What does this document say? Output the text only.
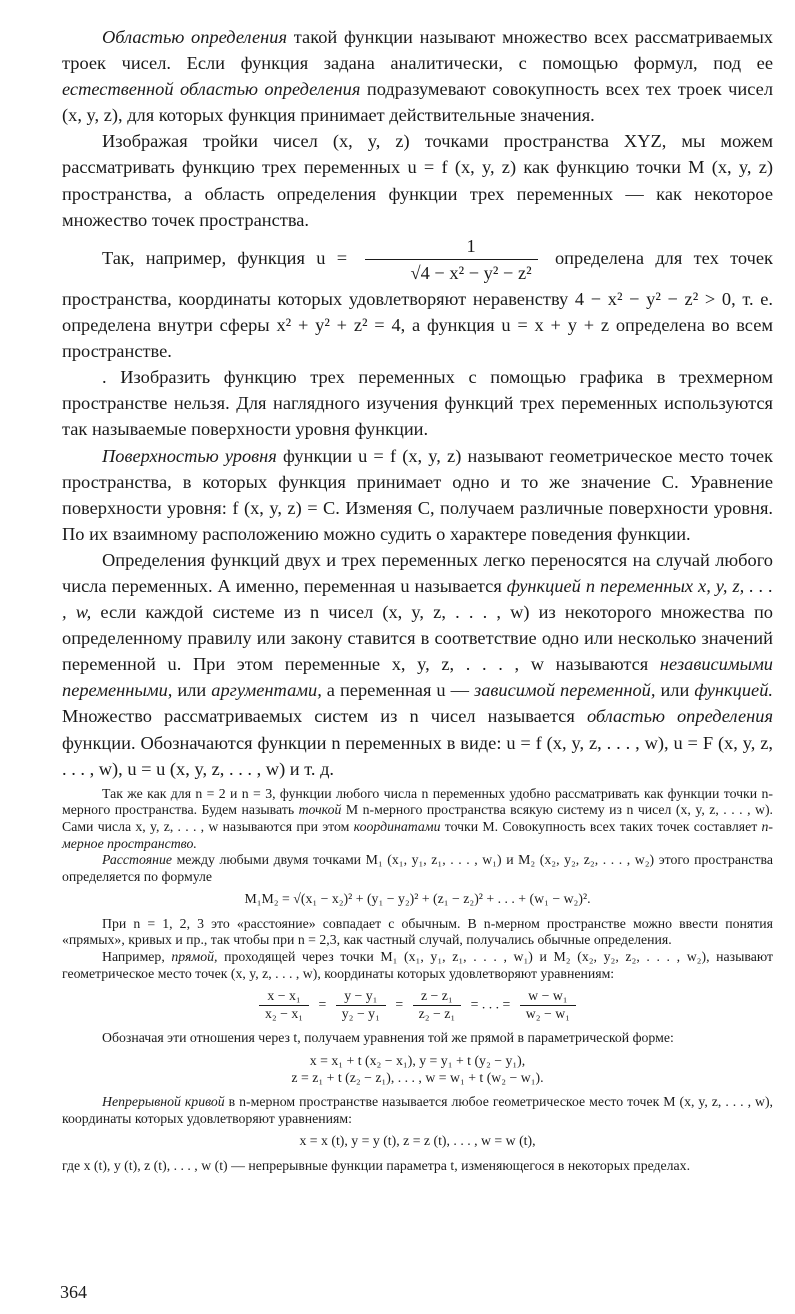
Областью определения такой функции называют множество всех рассматриваемых троек чисел. Если функция задана аналитически, с помощью формул, под ее естественной областью определения подразумевают совокупность всех тех троек чисел (x, y, z), для которых функция принимает действительные значения.

Изображая тройки чисел (x, y, z) точками пространства XYZ, мы можем рассматривать функцию трех переменных u = f (x, y, z) как функцию точки M (x, y, z) пространства, а область определения функции трех переменных — как некоторое множество точек пространства.

Так, например, функция $u = \frac{1}{\text{√4 − x² − y² − z²}}$ определена для тех точек пространства, координаты которых удовлетворяют неравенству 4 − x² − y² − z² > 0, т. е. определена внутри сферы x² + y² + z² = 4, а функция u = x + y + z определена во всем пространстве.

. Изобразить функцию трех переменных с помощью графика в трехмерном пространстве нельзя. Для наглядного изучения функций трех переменных используются так называемые поверхности уровня функции.

Поверхностью уровня функции u = f (x, y, z) называют геометрическое место точек пространства, в которых функция принимает одно и то же значение C. Уравнение поверхности уровня: f (x, y, z) = C. Изменяя C, получаем различные поверхности уровня. По их взаимному расположению можно судить о характере поведения функции.

Определения функций двух и трех переменных легко переносятся на случай любого числа переменных. А именно, переменная u называется функцией n переменных x, y, z, . . . , w, если каждой системе из n чисел (x, y, z, . . . , w) из некоторого множества по определенному правилу или закону ставится в соответствие одно или несколько значений переменной u. При этом переменные x, y, z, . . . , w называются независимыми переменными, или аргументами, а переменная u — зависимой переменной, или функцией. Множество рассматриваемых систем из n чисел называется областью определения функции. Обозначаются функции n переменных в виде: u = f (x, y, z, . . . , w), u = F (x, y, z, . . . , w), u = u (x, y, z, . . . , w) и т. д.

Так же как для n = 2 и n = 3, функции любого числа n переменных удобно рассматривать как функции точки n-мерного пространства. Будем называть точкой M n-мерного пространства всякую систему из n чисел (x, y, z, . . . , w). Сами числа x, y, z, . . . , w называются при этом координатами точки M. Совокупность всех таких точек составляет n-мерное пространство.

Расстояние между любыми двумя точками M₁ (x₁, y₁, z₁, . . . , w₁) и M₂ (x₂, y₂, z₂, . . . , w₂) этого пространства определяется по формуле

M₁M₂ = √(x₁ − x₂)² + (y₁ − y₂)² + (z₁ − z₂)² + . . . + (w₁ − w₂)².

При n = 1, 2, 3 это «расстояние» совпадает с обычным. В n-мерном пространстве можно ввести понятия «прямых», кривых и пр., так чтобы при n = 2,3, как частный случай, получались обычные определения.

Например, прямой, проходящей через точки M₁ (x₁, y₁, z₁, . . . , w₁) и M₂ (x₂, y₂, z₂, . . . , w₂), называют геометрическое место точек (x, y, z, . . . , w), координаты которых удовлетворяют уравнениям:

$\frac{\text{x − x₁}}{\text{x₂ − x₁}} = \frac{\text{y − y₁}}{\text{y₂ − y₁}} = \frac{\text{z − z₁}}{\text{z₂ − z₁}}$ = . . . = $\frac{\text{w − w₁}}{\text{w₂ − w₁}}$

Обозначая эти отношения через t, получаем уравнения той же прямой в параметрической форме:

x = x₁ + t (x₂ − x₁), y = y₁ + t (y₂ − y₁),
z = z₁ + t (z₂ − z₁), . . . , w = w₁ + t (w₂ − w₁).

Непрерывной кривой в n-мерном пространстве называется любое геометрическое место точек M (x, y, z, . . . , w), координаты которых удовлетворяют уравнениям:

x = x (t), y = y (t), z = z (t), . . . , w = w (t),

где x (t), y (t), z (t), . . . , w (t) — непрерывные функции параметра t, изменяющегося в некоторых пределах.

364
